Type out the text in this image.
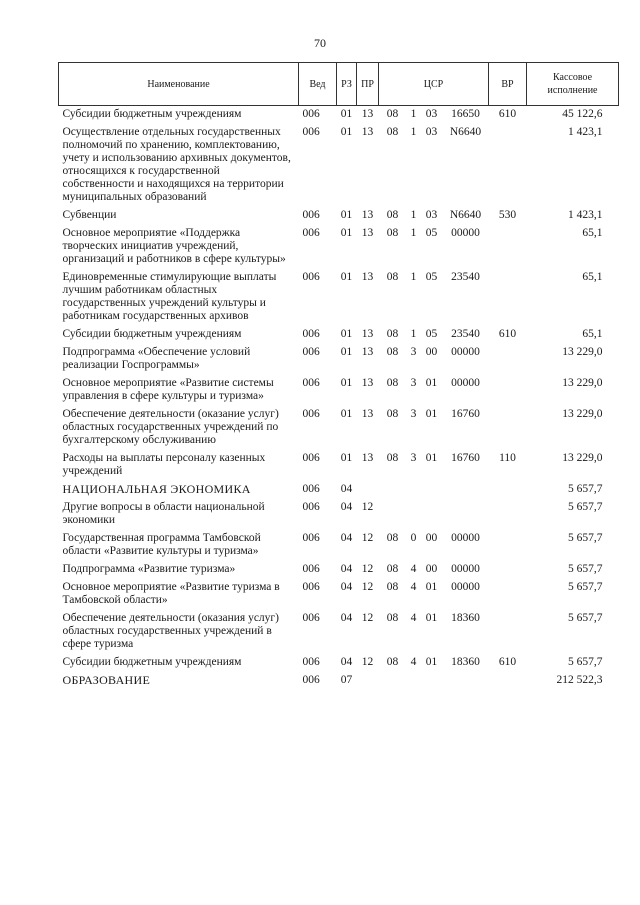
70
Наименование	Вед	РЗ	ПР	ЦСР				ВР	Кассовое исполнение
Субсидии бюджетным учреждениям	006	01	13	08	1	03	16650	610	45 122,6
Осуществление отдельных государственных полномочий по хранению, комплектованию, учету и использованию архивных документов, относящихся к государственной собственности и находящихся на территории муниципальных образований	006	01	13	08	1	03	N6640		1 423,1
Субвенции	006	01	13	08	1	03	N6640	530	1 423,1
Основное мероприятие «Поддержка творческих инициатив учреждений, организаций и работников в сфере культуры»	006	01	13	08	1	05	00000		65,1
Единовременные стимулирующие выплаты лучшим работникам областных государственных учреждений культуры и работникам государственных архивов	006	01	13	08	1	05	23540		65,1
Субсидии бюджетным учреждениям	006	01	13	08	1	05	23540	610	65,1
Подпрограмма «Обеспечение условий реализации Госпрограммы»	006	01	13	08	3	00	00000		13 229,0
Основное мероприятие «Развитие системы управления в сфере культуры и туризма»	006	01	13	08	3	01	00000		13 229,0
Обеспечение деятельности (оказание услуг) областных государственных учреждений по бухгалтерскому обслуживанию	006	01	13	08	3	01	16760		13 229,0
Расходы на выплаты персоналу казенных учреждений	006	01	13	08	3	01	16760	110	13 229,0
НАЦИОНАЛЬНАЯ ЭКОНОМИКА	006	04							5 657,7
Другие вопросы в области национальной экономики	006	04	12						5 657,7
Государственная программа Тамбовской области «Развитие культуры и туризма»	006	04	12	08	0	00	00000		5 657,7
Подпрограмма «Развитие туризма»	006	04	12	08	4	00	00000		5 657,7
Основное мероприятие «Развитие туризма в Тамбовской области»	006	04	12	08	4	01	00000		5 657,7
Обеспечение деятельности (оказания услуг) областных государственных учреждений в сфере туризма	006	04	12	08	4	01	18360		5 657,7
Субсидии бюджетным учреждениям	006	04	12	08	4	01	18360	610	5 657,7
ОБРАЗОВАНИЕ	006	07							212 522,3
